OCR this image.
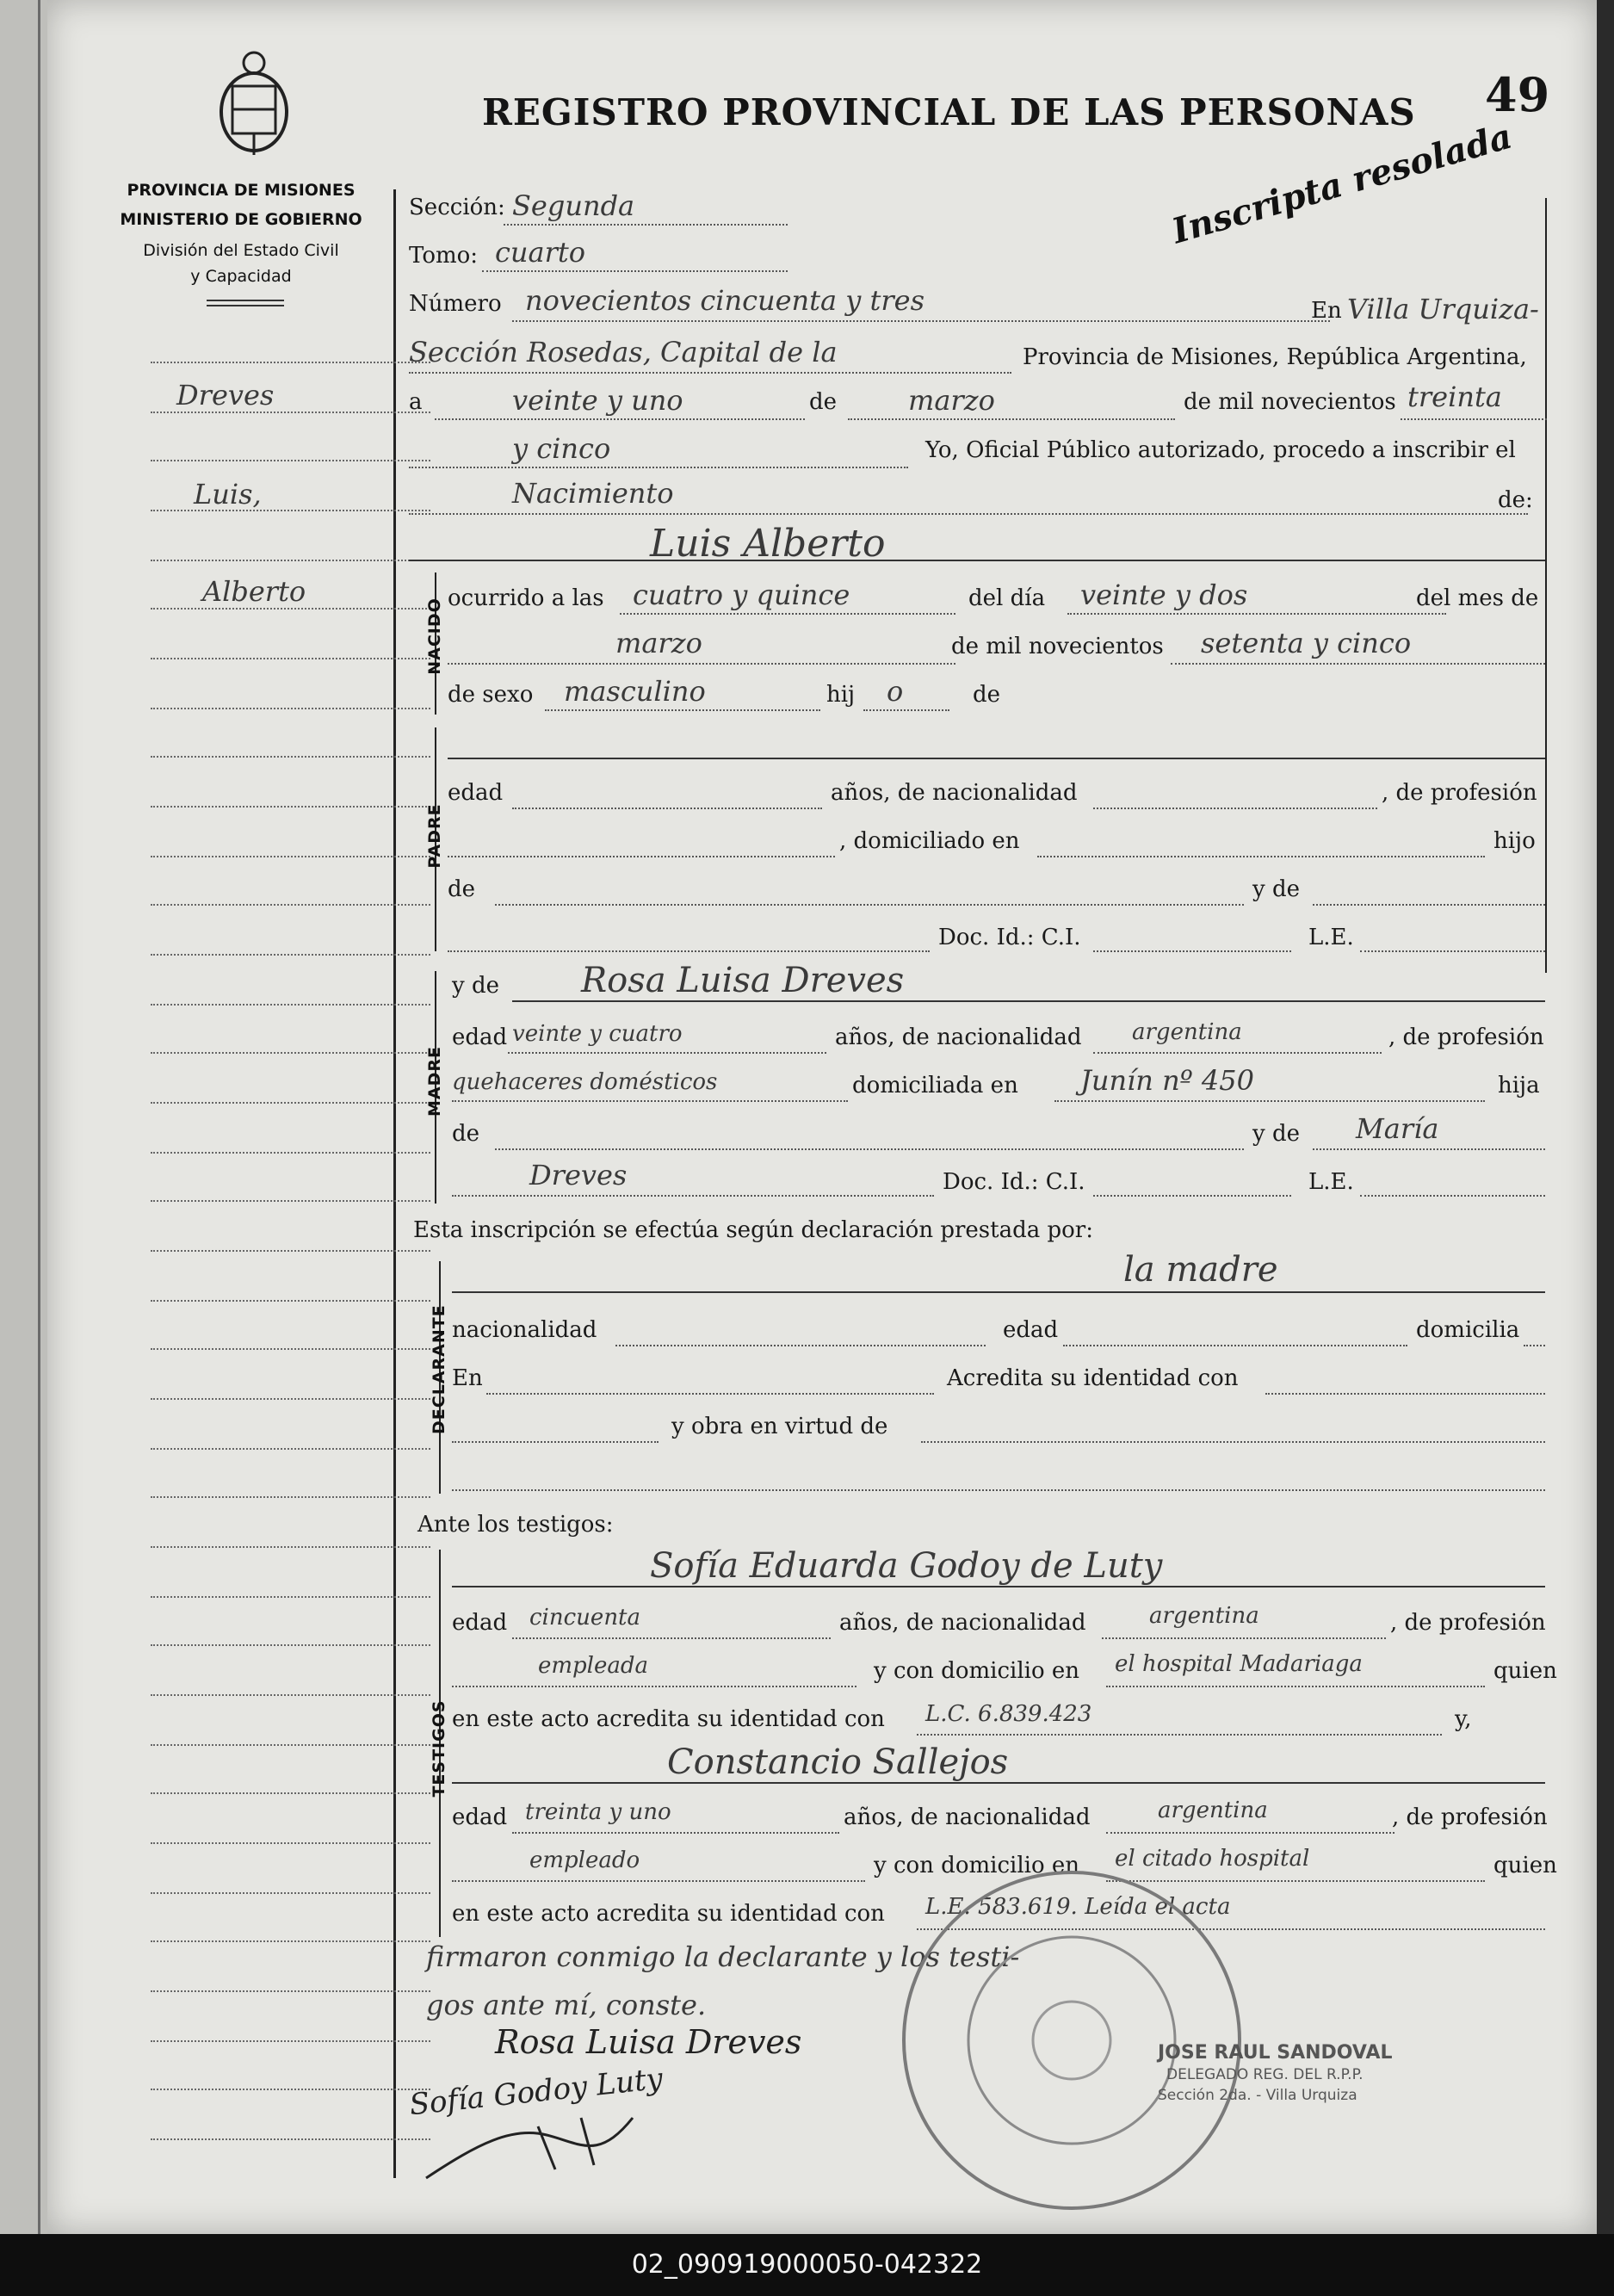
REGISTRO PROVINCIAL DE LAS PERSONAS 49
Inscripta resolada
PROVINCIA DE MISIONES
MINISTERIO DE GOBIERNO
División del Estado Civil
y Capacidad
Dreves
Luis,
Alberto
Sección: Segunda
Tomo: cuarto
Número novecientos cincuenta y tres	En Villa Urquiza-
Sección Rosedas, Capital de la	Provincia de Misiones, República Argentina,
a	veinte y uno	de	marzo	de mil novecientos treinta
y cinco	Yo, Oficial Público autorizado, procedo a inscribir el
Nacimiento	de:
Luis Alberto
NACIDO ocurrido a las cuatro y quince	del día veinte y dos	del mes de
marzo	de mil novecientos setenta y cinco
de sexo masculino	hij o	de
PADRE
edad	años, de nacionalidad	, de profesión
, domiciliado en	hijo
de	y de
Doc. Id.: C.I.	L.E.
MADRE
y de Rosa Luisa Dreves
edad veinte y cuatro	años, de nacionalidad argentina	, de profesión
quehaceres domésticos	domiciliada en Junín nº 450	hija
de	y de María
Dreves	Doc. Id.: C.I.	L.E.
Esta inscripción se efectúa según declaración prestada por:
DECLARANTE
la madre
nacionalidad	edad	domicilia
En	Acredita su identidad con
y obra en virtud de
Ante los testigos:
TESTIGOS
Sofía Eduarda Godoy de Luty
edad cincuenta	años, de nacionalidad	argentina	, de profesión
empleada	y con domicilio en el hospital Madariaga	quien
en este acto acredita su identidad con L.C. 6.839.423	y,
Constancio Sallejos
edad treinta y uno	años, de nacionalidad	argentina	, de profesión
empleado	y con domicilio en el citado hospital	quien
en este acto acredita su identidad con L.E. 583.619. Leída el acta
firmaron conmigo la declarante y los testi-
gos ante mí, conste.
JOSE RAUL SANDOVAL
DELEGADO REG. DEL R.P.P.
Sección 2da. - Villa Urquiza
Rosa Luisa Dreves
Sofía Godoy Luty
02_090919000050-042322
